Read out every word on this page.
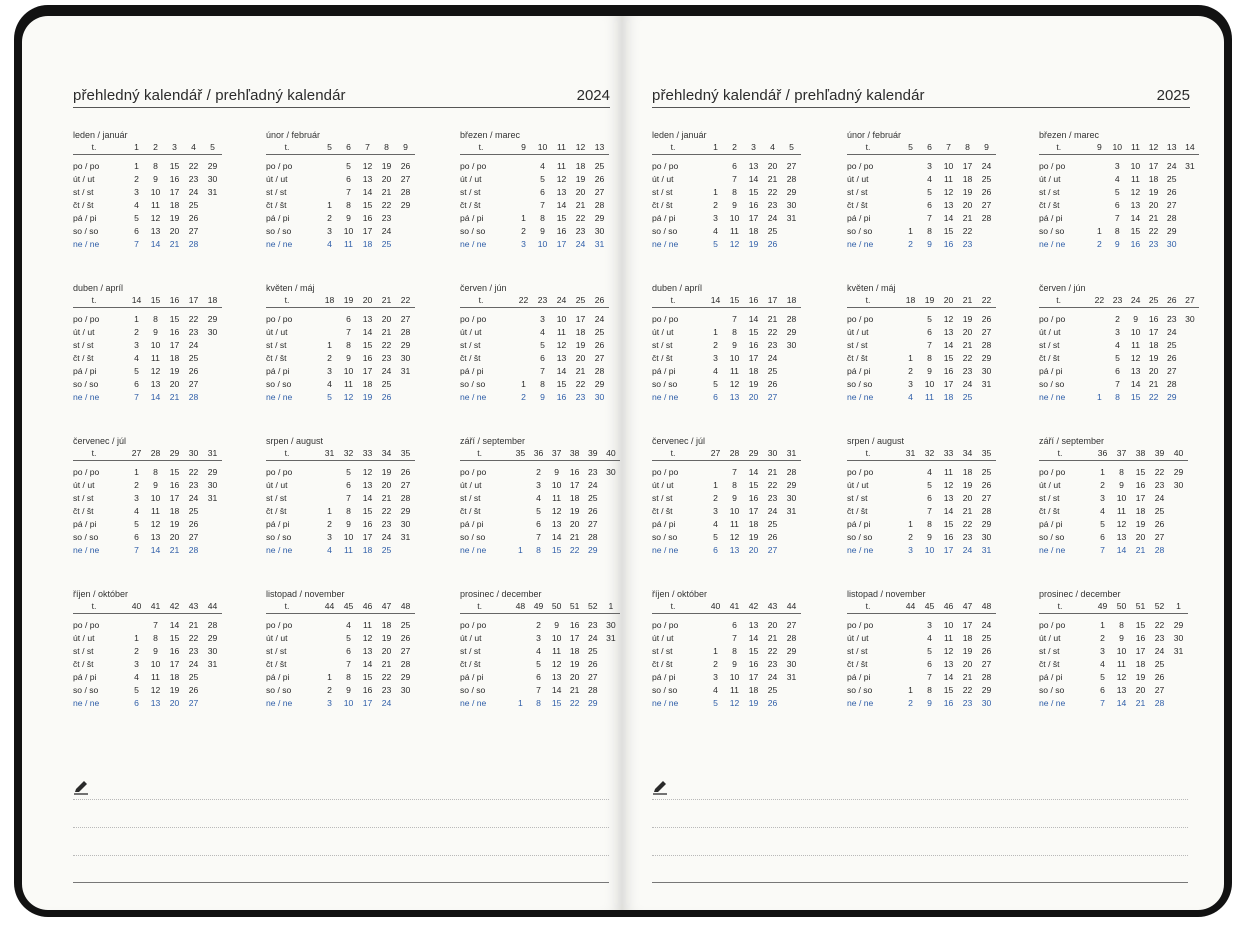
přehledný kalendář / prehľadný kalendár	2024
leden / január
t.	1	2	3	4	5

po / po	1	8	15	22	29
út / ut	2	9	16	23	30
st / st	3	10	17	24	31
čt / št	4	11	18	25	
pá / pi	5	12	19	26	
so / so	6	13	20	27	
ne / ne	7	14	21	28	
únor / február
t.	5	6	7	8	9

po / po		5	12	19	26
út / ut		6	13	20	27
st / st		7	14	21	28
čt / št	1	8	15	22	29
pá / pi	2	9	16	23	
so / so	3	10	17	24	
ne / ne	4	11	18	25	
březen / marec
t.	9	10	11	12	13

po / po		4	11	18	25
út / ut		5	12	19	26
st / st		6	13	20	27
čt / št		7	14	21	28
pá / pi	1	8	15	22	29
so / so	2	9	16	23	30
ne / ne	3	10	17	24	31
duben / apríl
t.	14	15	16	17	18

po / po	1	8	15	22	29
út / ut	2	9	16	23	30
st / st	3	10	17	24	
čt / št	4	11	18	25	
pá / pi	5	12	19	26	
so / so	6	13	20	27	
ne / ne	7	14	21	28	
květen / máj
t.	18	19	20	21	22

po / po		6	13	20	27
út / ut		7	14	21	28
st / st	1	8	15	22	29
čt / št	2	9	16	23	30
pá / pi	3	10	17	24	31
so / so	4	11	18	25	
ne / ne	5	12	19	26	
červen / jún
t.	22	23	24	25	26

po / po		3	10	17	24
út / ut		4	11	18	25
st / st		5	12	19	26
čt / št		6	13	20	27
pá / pi		7	14	21	28
so / so	1	8	15	22	29
ne / ne	2	9	16	23	30
červenec / júl
t.	27	28	29	30	31

po / po	1	8	15	22	29
út / ut	2	9	16	23	30
st / st	3	10	17	24	31
čt / št	4	11	18	25	
pá / pi	5	12	19	26	
so / so	6	13	20	27	
ne / ne	7	14	21	28	
srpen / august
t.	31	32	33	34	35

po / po		5	12	19	26
út / ut		6	13	20	27
st / st		7	14	21	28
čt / št	1	8	15	22	29
pá / pi	2	9	16	23	30
so / so	3	10	17	24	31
ne / ne	4	11	18	25	
září / september
t.	35	36	37	38	39	40

po / po		2	9	16	23	30
út / ut		3	10	17	24	
st / st		4	11	18	25	
čt / št		5	12	19	26	
pá / pi		6	13	20	27	
so / so		7	14	21	28	
ne / ne	1	8	15	22	29	
říjen / október
t.	40	41	42	43	44

po / po		7	14	21	28
út / ut	1	8	15	22	29
st / st	2	9	16	23	30
čt / št	3	10	17	24	31
pá / pi	4	11	18	25	
so / so	5	12	19	26	
ne / ne	6	13	20	27	
listopad / november
t.	44	45	46	47	48

po / po		4	11	18	25
út / ut		5	12	19	26
st / st		6	13	20	27
čt / št		7	14	21	28
pá / pi	1	8	15	22	29
so / so	2	9	16	23	30
ne / ne	3	10	17	24	
prosinec / december
t.	48	49	50	51	52	1

po / po		2	9	16	23	30
út / ut		3	10	17	24	31
st / st		4	11	18	25	
čt / št		5	12	19	26	
pá / pi		6	13	20	27	
so / so		7	14	21	28	
ne / ne	1	8	15	22	29	
přehledný kalendář / prehľadný kalendár	2025
leden / január
t.	1	2	3	4	5

po / po		6	13	20	27
út / ut		7	14	21	28
st / st	1	8	15	22	29
čt / št	2	9	16	23	30
pá / pi	3	10	17	24	31
so / so	4	11	18	25	
ne / ne	5	12	19	26	
únor / február
t.	5	6	7	8	9

po / po		3	10	17	24
út / ut		4	11	18	25
st / st		5	12	19	26
čt / št		6	13	20	27
pá / pi		7	14	21	28
so / so	1	8	15	22	
ne / ne	2	9	16	23	
březen / marec
t.	9	10	11	12	13	14

po / po		3	10	17	24	31
út / ut		4	11	18	25	
st / st		5	12	19	26	
čt / št		6	13	20	27	
pá / pi		7	14	21	28	
so / so	1	8	15	22	29	
ne / ne	2	9	16	23	30	
duben / apríl
t.	14	15	16	17	18

po / po		7	14	21	28
út / ut	1	8	15	22	29
st / st	2	9	16	23	30
čt / št	3	10	17	24	
pá / pi	4	11	18	25	
so / so	5	12	19	26	
ne / ne	6	13	20	27	
květen / máj
t.	18	19	20	21	22

po / po		5	12	19	26
út / ut		6	13	20	27
st / st		7	14	21	28
čt / št	1	8	15	22	29
pá / pi	2	9	16	23	30
so / so	3	10	17	24	31
ne / ne	4	11	18	25	
červen / jún
t.	22	23	24	25	26	27

po / po		2	9	16	23	30
út / ut		3	10	17	24	
st / st		4	11	18	25	
čt / št		5	12	19	26	
pá / pi		6	13	20	27	
so / so		7	14	21	28	
ne / ne	1	8	15	22	29	
červenec / júl
t.	27	28	29	30	31

po / po		7	14	21	28
út / ut	1	8	15	22	29
st / st	2	9	16	23	30
čt / št	3	10	17	24	31
pá / pi	4	11	18	25	
so / so	5	12	19	26	
ne / ne	6	13	20	27	
srpen / august
t.	31	32	33	34	35

po / po		4	11	18	25
út / ut		5	12	19	26
st / st		6	13	20	27
čt / št		7	14	21	28
pá / pi	1	8	15	22	29
so / so	2	9	16	23	30
ne / ne	3	10	17	24	31
září / september
t.	36	37	38	39	40

po / po	1	8	15	22	29
út / ut	2	9	16	23	30
st / st	3	10	17	24	
čt / št	4	11	18	25	
pá / pi	5	12	19	26	
so / so	6	13	20	27	
ne / ne	7	14	21	28	
říjen / október
t.	40	41	42	43	44

po / po		6	13	20	27
út / ut		7	14	21	28
st / st	1	8	15	22	29
čt / št	2	9	16	23	30
pá / pi	3	10	17	24	31
so / so	4	11	18	25	
ne / ne	5	12	19	26	
listopad / november
t.	44	45	46	47	48

po / po		3	10	17	24
út / ut		4	11	18	25
st / st		5	12	19	26
čt / št		6	13	20	27
pá / pi		7	14	21	28
so / so	1	8	15	22	29
ne / ne	2	9	16	23	30
prosinec / december
t.	49	50	51	52	1

po / po	1	8	15	22	29
út / ut	2	9	16	23	30
st / st	3	10	17	24	31
čt / št	4	11	18	25	
pá / pi	5	12	19	26	
so / so	6	13	20	27	
ne / ne	7	14	21	28	
